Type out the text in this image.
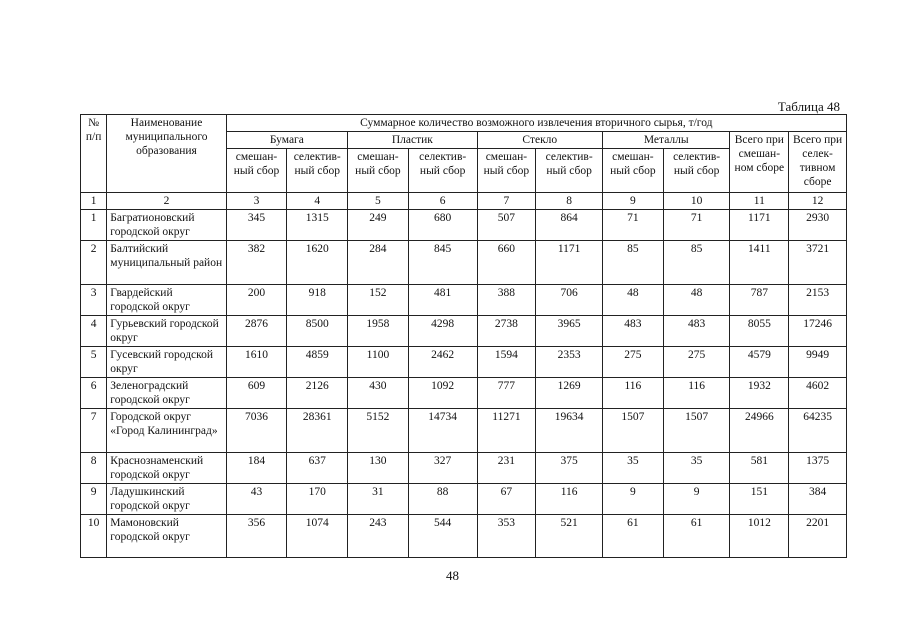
Таблица 48
№ п/п	Наименование муниципального образования	Суммарное количество возможного извлечения вторичного сырья, т/год									
		Бумага		Пластик		Стекло		Металлы		Всего при смешан-ном сборе	Всего при селек-тивном сборе
		смешан-ный сбор	селектив-ный сбор	смешан-ный сбор	селектив-ный сбор	смешан-ный сбор	селектив-ный сбор	смешан-ный сбор	селектив-ный сбор		
1	2	3	4	5	6	7	8	9	10	11	12
1	Багратионовский городской округ	345	1315	249	680	507	864	71	71	1171	2930
2	Балтийский муниципальный район	382	1620	284	845	660	1171	85	85	1411	3721
3	Гвардейский городской округ	200	918	152	481	388	706	48	48	787	2153
4	Гурьевский городской округ	2876	8500	1958	4298	2738	3965	483	483	8055	17246
5	Гусевский городской округ	1610	4859	1100	2462	1594	2353	275	275	4579	9949
6	Зеленоградский городской округ	609	2126	430	1092	777	1269	116	116	1932	4602
7	Городской округ «Город Калининград»	7036	28361	5152	14734	11271	19634	1507	1507	24966	64235
8	Краснознаменский городской округ	184	637	130	327	231	375	35	35	581	1375
9	Ладушкинский городской округ	43	170	31	88	67	116	9	9	151	384
10	Мамоновский городской округ	356	1074	243	544	353	521	61	61	1012	2201
48
